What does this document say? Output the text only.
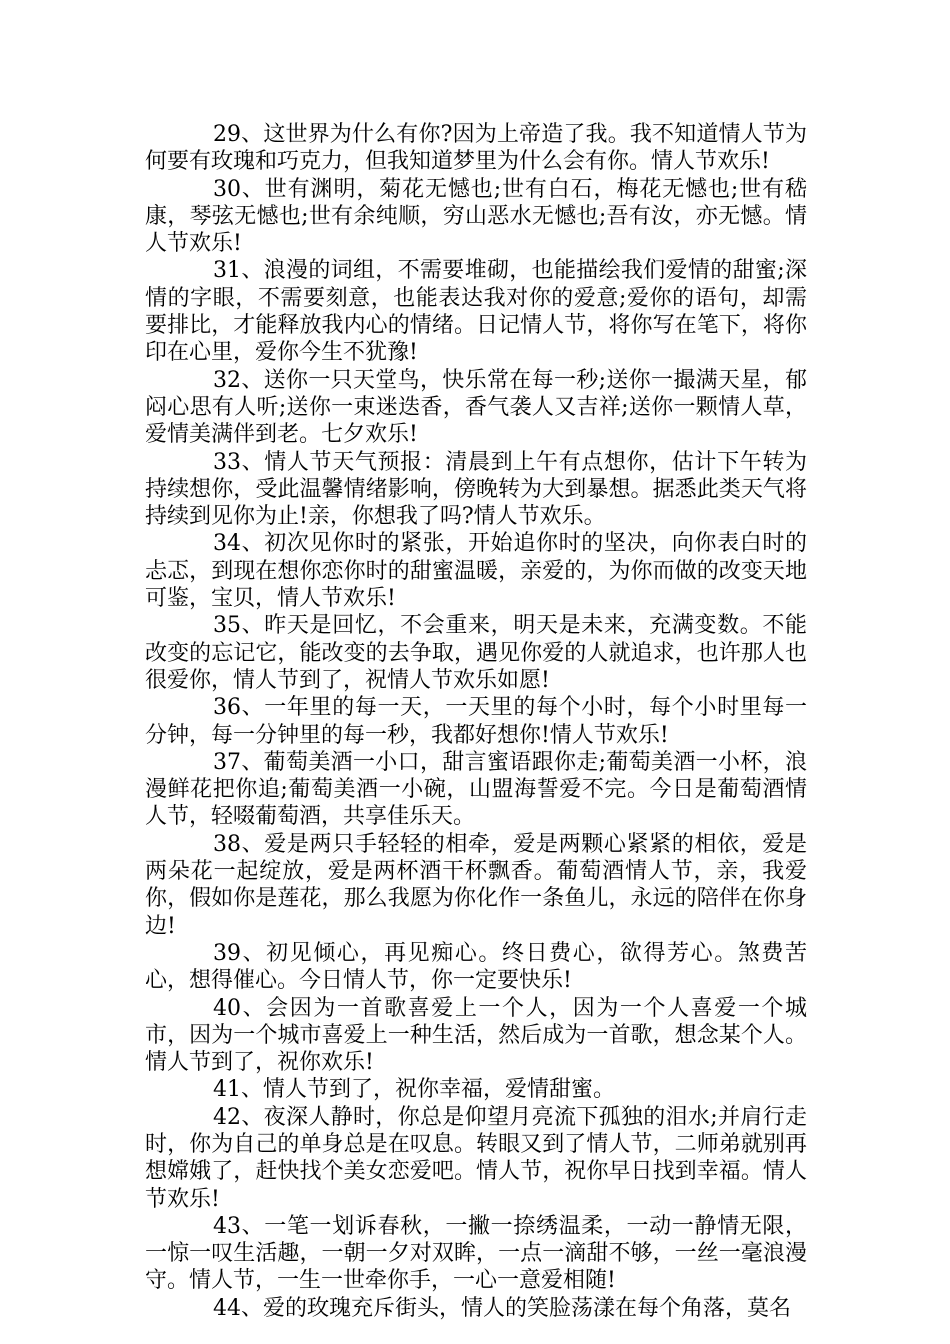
29、这世界为什么有你?因为上帝造了我。我不知道情人节为何要有玫瑰和巧克力，但我知道梦里为什么会有你。情人节欢乐!

30、世有渊明，菊花无憾也;世有白石，梅花无憾也;世有嵇康，琴弦无憾也;世有余纯顺，穷山恶水无憾也;吾有汝，亦无憾。情人节欢乐!

31、浪漫的词组，不需要堆砌，也能描绘我们爱情的甜蜜;深情的字眼，不需要刻意，也能表达我对你的爱意;爱你的语句，却需要排比，才能释放我内心的情绪。日记情人节，将你写在笔下，将你印在心里，爱你今生不犹豫!

32、送你一只天堂鸟，快乐常在每一秒;送你一撮满天星，郁闷心思有人听;送你一束迷迭香，香气袭人又吉祥;送你一颗情人草，爱情美满伴到老。七夕欢乐!

33、情人节天气预报：清晨到上午有点想你，估计下午转为持续想你，受此温馨情绪影响，傍晚转为大到暴想。据悉此类天气将持续到见你为止!亲，你想我了吗?情人节欢乐。

34、初次见你时的紧张，开始追你时的坚决，向你表白时的忐忑，到现在想你恋你时的甜蜜温暖，亲爱的，为你而做的改变天地可鉴，宝贝，情人节欢乐!

35、昨天是回忆，不会重来，明天是未来，充满变数。不能改变的忘记它，能改变的去争取，遇见你爱的人就追求，也许那人也很爱你，情人节到了，祝情人节欢乐如愿!

36、一年里的每一天，一天里的每个小时，每个小时里每一分钟，每一分钟里的每一秒，我都好想你!情人节欢乐!

37、葡萄美酒一小口，甜言蜜语跟你走;葡萄美酒一小杯，浪漫鲜花把你追;葡萄美酒一小碗，山盟海誓爱不完。今日是葡萄酒情人节，轻啜葡萄酒，共享佳乐天。

38、爱是两只手轻轻的相牵，爱是两颗心紧紧的相依，爱是两朵花一起绽放，爱是两杯酒干杯飘香。葡萄酒情人节，亲，我爱你，假如你是莲花，那么我愿为你化作一条鱼儿，永远的陪伴在你身边!

39、初见倾心，再见痴心。终日费心，欲得芳心。煞费苦心，想得催心。今日情人节，你一定要快乐!

40、会因为一首歌喜爱上一个人，因为一个人喜爱一个城市，因为一个城市喜爱上一种生活，然后成为一首歌，想念某个人。情人节到了，祝你欢乐!

41、情人节到了，祝你幸福，爱情甜蜜。

42、夜深人静时，你总是仰望月亮流下孤独的泪水;并肩行走时，你为自己的单身总是在叹息。转眼又到了情人节，二师弟就别再想嫦娥了，赶快找个美女恋爱吧。情人节，祝你早日找到幸福。情人节欢乐!

43、一笔一划诉春秋，一撇一捺绣温柔，一动一静情无限，一惊一叹生活趣，一朝一夕对双眸，一点一滴甜不够，一丝一毫浪漫守。情人节，一生一世牵你手，一心一意爱相随!

44、爱的玫瑰充斥街头，情人的笑脸荡漾在每个角落，莫名
